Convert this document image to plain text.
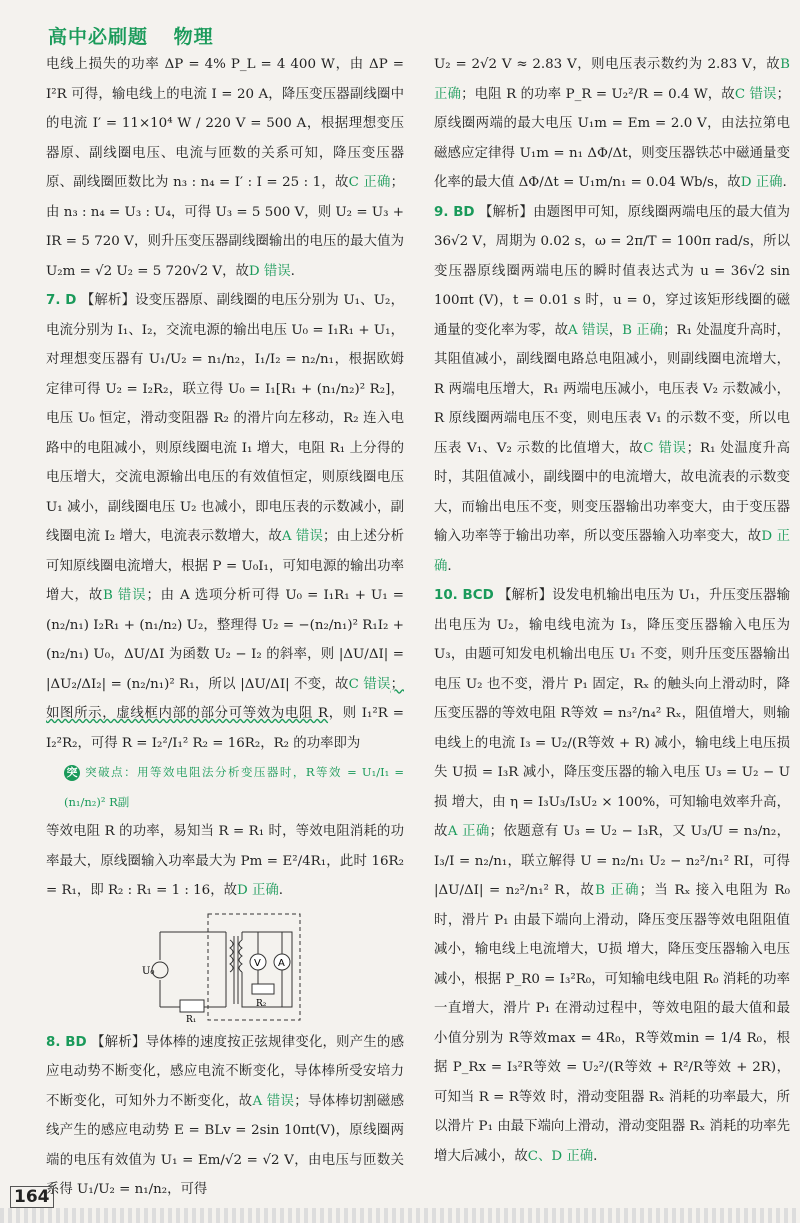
高中必刷题 物理

电线上损失的功率 ΔP = 4% P_L = 4 400 W，由 ΔP = I²R 可得，输电线上的电流 I = 20 A，降压变压器副线圈中的电流 I′ = 11×10⁴ W / 220 V = 500 A，根据理想变压器原、副线圈电压、电流与匝数的关系可知，降压变压器原、副线圈匝数比为 n₃ : n₄ = I′ : I = 25 : 1，故C 正确；由 n₃ : n₄ = U₃ : U₄，可得 U₃ = 5 500 V，则 U₂ = U₃ + IR = 5 720 V，则升压变压器副线圈输出的电压的最大值为 U₂m = √2 U₂ = 5 720√2 V，故D 错误.

7. D 【解析】设变压器原、副线圈的电压分别为 U₁、U₂，电流分别为 I₁、I₂，交流电源的输出电压 U₀ = I₁R₁ + U₁，对理想变压器有 U₁/U₂ = n₁/n₂，I₁/I₂ = n₂/n₁，根据欧姆定律可得 U₂ = I₂R₂，联立得 U₀ = I₁[R₁ + (n₁/n₂)² R₂]，电压 U₀ 恒定，滑动变阻器 R₂ 的滑片向左移动，R₂ 连入电路中的电阻减小，则原线圈电流 I₁ 增大，电阻 R₁ 上分得的电压增大，交流电源输出电压的有效值恒定，则原线圈电压 U₁ 减小，副线圈电压 U₂ 也减小，即电压表的示数减小，副线圈电流 I₂ 增大，电流表示数增大，故A 错误；由上述分析可知原线圈电流增大，根据 P = U₀I₁，可知电源的输出功率增大，故B 错误；由 A 选项分析可得 U₀ = I₁R₁ + U₁ = (n₂/n₁) I₂R₁ + (n₁/n₂) U₂，整理得 U₂ = −(n₂/n₁)² R₁I₂ + (n₂/n₁) U₀，ΔU/ΔI 为函数 U₂ − I₂ 的斜率，则 |ΔU/ΔI| = |ΔU₂/ΔI₂| = (n₂/n₁)² R₁，所以 |ΔU/ΔI| 不变，故C 错误；如图所示，虚线框内部的部分可等效为电阻 R，则 I₁²R = I₂²R₂，可得 R = I₂²/I₁² R₂ = 16R₂，R₂ 的功率即为

突 突破点：用等效电阻法分析变压器时，R等效 = U₁/I₁ = (n₁/n₂)² R副

等效电阻 R 的功率，易知当 R = R₁ 时，等效电阻消耗的功率最大，原线圈输入功率最大为 Pm = E²/4R₁，此时 16R₂ = R₁，即 R₂ : R₁ = 1 : 16，故D 正确.

U₀
R₁
V A
R₂

8. BD 【解析】导体棒的速度按正弦规律变化，则产生的感应电动势不断变化，感应电流不断变化，导体棒所受安培力不断变化，可知外力不断变化，故A 错误；导体棒切割磁感线产生的感应电动势 E = BLv = 2sin 10πt(V)，原线圈两端的电压有效值为 U₁ = Em/√2 = √2 V，由电压与匝数关系得 U₁/U₂ = n₁/n₂，可得

U₂ = 2√2 V ≈ 2.83 V，则电压表示数约为 2.83 V，故B 正确；电阻 R 的功率 P_R = U₂²/R = 0.4 W，故C 错误；原线圈两端的最大电压 U₁m = Em = 2.0 V，由法拉第电磁感应定律得 U₁m = n₁ ΔΦ/Δt，则变压器铁芯中磁通量变化率的最大值 ΔΦ/Δt = U₁m/n₁ = 0.04 Wb/s，故D 正确.

9. BD 【解析】由题图甲可知，原线圈两端电压的最大值为 36√2 V，周期为 0.02 s，ω = 2π/T = 100π rad/s，所以变压器原线圈两端电压的瞬时值表达式为 u = 36√2 sin 100πt (V)，t = 0.01 s 时，u = 0，穿过该矩形线圈的磁通量的变化率为零，故A 错误，B 正确；R₁ 处温度升高时，其阻值减小，副线圈电路总电阻减小，则副线圈电流增大，R 两端电压增大，R₁ 两端电压减小，电压表 V₂ 示数减小，R 原线圈两端电压不变，则电压表 V₁ 的示数不变，所以电压表 V₁、V₂ 示数的比值增大，故C 错误；R₁ 处温度升高时，其阻值减小，副线圈中的电流增大，故电流表的示数变大，而输出电压不变，则变压器输出功率变大，由于变压器输入功率等于输出功率，所以变压器输入功率变大，故D 正确.

10. BCD 【解析】设发电机输出电压为 U₁，升压变压器输出电压为 U₂，输电线电流为 I₃，降压变压器输入电压为 U₃，由题可知发电机输出电压 U₁ 不变，则升压变压器输出电压 U₂ 也不变，滑片 P₁ 固定，Rₓ 的触头向上滑动时，降压变压器的等效电阻 R等效 = n₃²/n₄² Rₓ，阻值增大，则输电线上的电流 I₃ = U₂/(R等效 + R) 减小，输电线上电压损失 U损 = I₃R 减小，降压变压器的输入电压 U₃ = U₂ − U损 增大，由 η = I₃U₃/I₃U₂ × 100%，可知输电效率升高，故A 正确；依题意有 U₃ = U₂ − I₃R，又 U₃/U = n₃/n₂，I₃/I = n₂/n₁，联立解得 U = n₂/n₁ U₂ − n₂²/n₁² RI，可得 |ΔU/ΔI| = n₂²/n₁² R，故B 正确；当 Rₓ 接入电阻为 R₀ 时，滑片 P₁ 由最下端向上滑动，降压变压器等效电阻阻值减小，输电线上电流增大，U损 增大，降压变压器输入电压减小，根据 P_R0 = I₃²R₀，可知输电线电阻 R₀ 消耗的功率一直增大，滑片 P₁ 在滑动过程中，等效电阻的最大值和最小值分别为 R等效max = 4R₀，R等效min = 1/4 R₀，根据 P_Rx = I₃²R等效 = U₂²/(R等效 + R²/R等效 + 2R)，可知当 R = R等效 时，滑动变阻器 Rₓ 消耗的功率最大，所以滑片 P₁ 由最下端向上滑动，滑动变阻器 Rₓ 消耗的功率先增大后减小，故C、D 正确.

164
